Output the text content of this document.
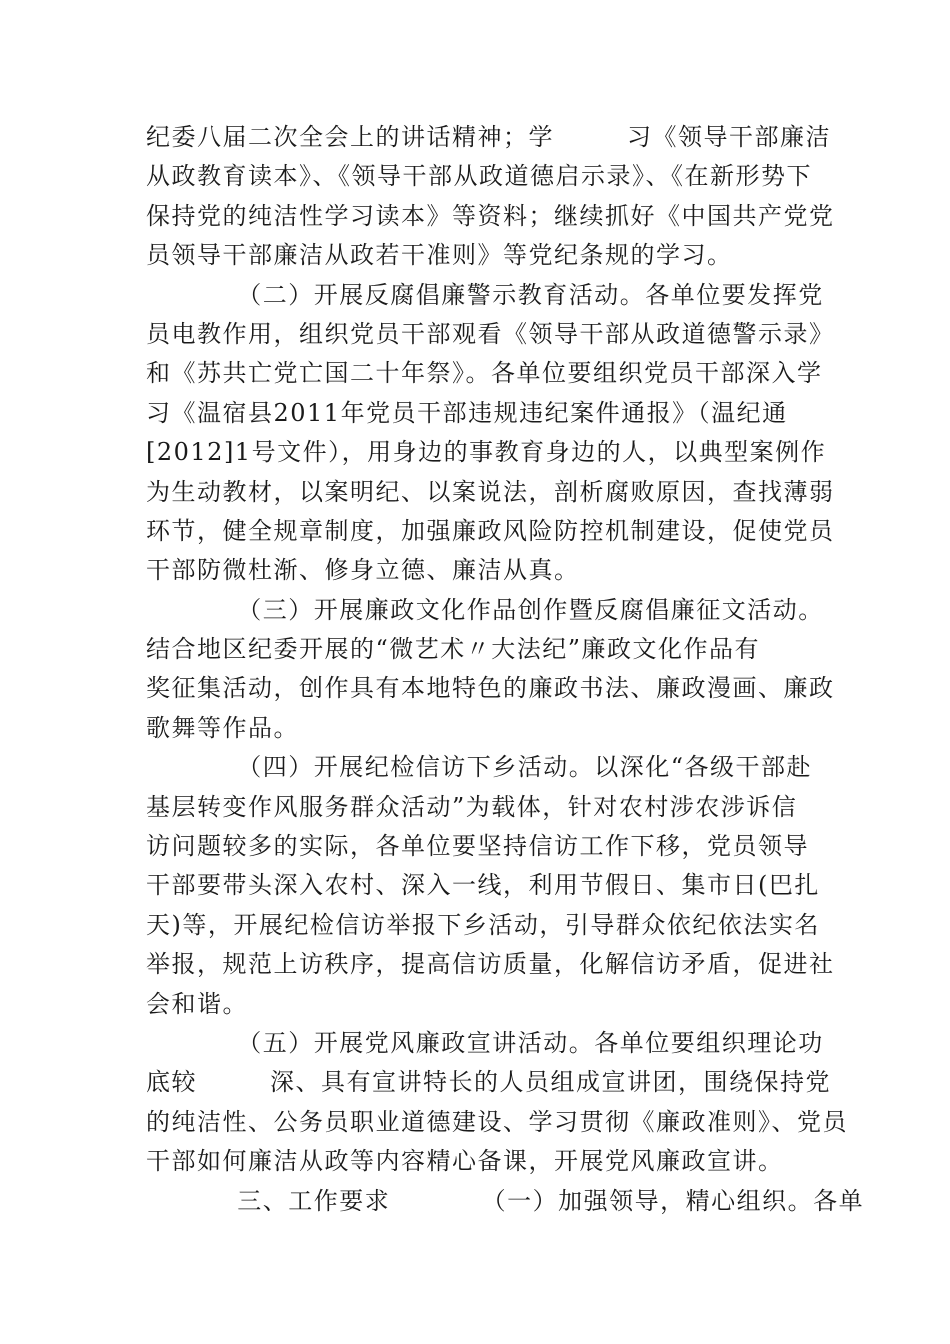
纪委八届二次全会上的讲话精神；学        习《领导干部廉洁
从政教育读本》、《领导干部从政道德启示录》、《在新形势下
保持党的纯洁性学习读本》等资料；继续抓好《中国共产党党
员领导干部廉洁从政若干准则》等党纪条规的学习。
（二）开展反腐倡廉警示教育活动。各单位要发挥党
员电教作用，组织党员干部观看《领导干部从政道德警示录》
和《苏共亡党亡国二十年祭》。各单位要组织党员干部深入学
习《温宿县2011年党员干部违规违纪案件通报》（温纪通
[2012]1号文件），用身边的事教育身边的人，以典型案例作
为生动教材，以案明纪、以案说法，剖析腐败原因，查找薄弱
环节，健全规章制度，加强廉政风险防控机制建设，促使党员
干部防微杜渐、修身立德、廉洁从真。
（三）开展廉政文化作品创作暨反腐倡廉征文活动。
结合地区纪委开展的“微艺术〃大法纪”廉政文化作品有
奖征集活动，创作具有本地特色的廉政书法、廉政漫画、廉政
歌舞等作品。
（四）开展纪检信访下乡活动。以深化“各级干部赴
基层转变作风服务群众活动”为载体，针对农村涉农涉诉信
访问题较多的实际，各单位要坚持信访工作下移，党员领导
干部要带头深入农村、深入一线，利用节假日、集市日(巴扎
天)等，开展纪检信访举报下乡活动，引导群众依纪依法实名
举报，规范上访秩序，提高信访质量，化解信访矛盾，促进社
会和谐。
（五）开展党风廉政宣讲活动。各单位要组织理论功
底较        深、具有宣讲特长的人员组成宣讲团，围绕保持党
的纯洁性、公务员职业道德建设、学习贯彻《廉政准则》、党员
干部如何廉洁从政等内容精心备课，开展党风廉政宣讲。
三、工作要求          （一）加强领导，精心组织。各单
